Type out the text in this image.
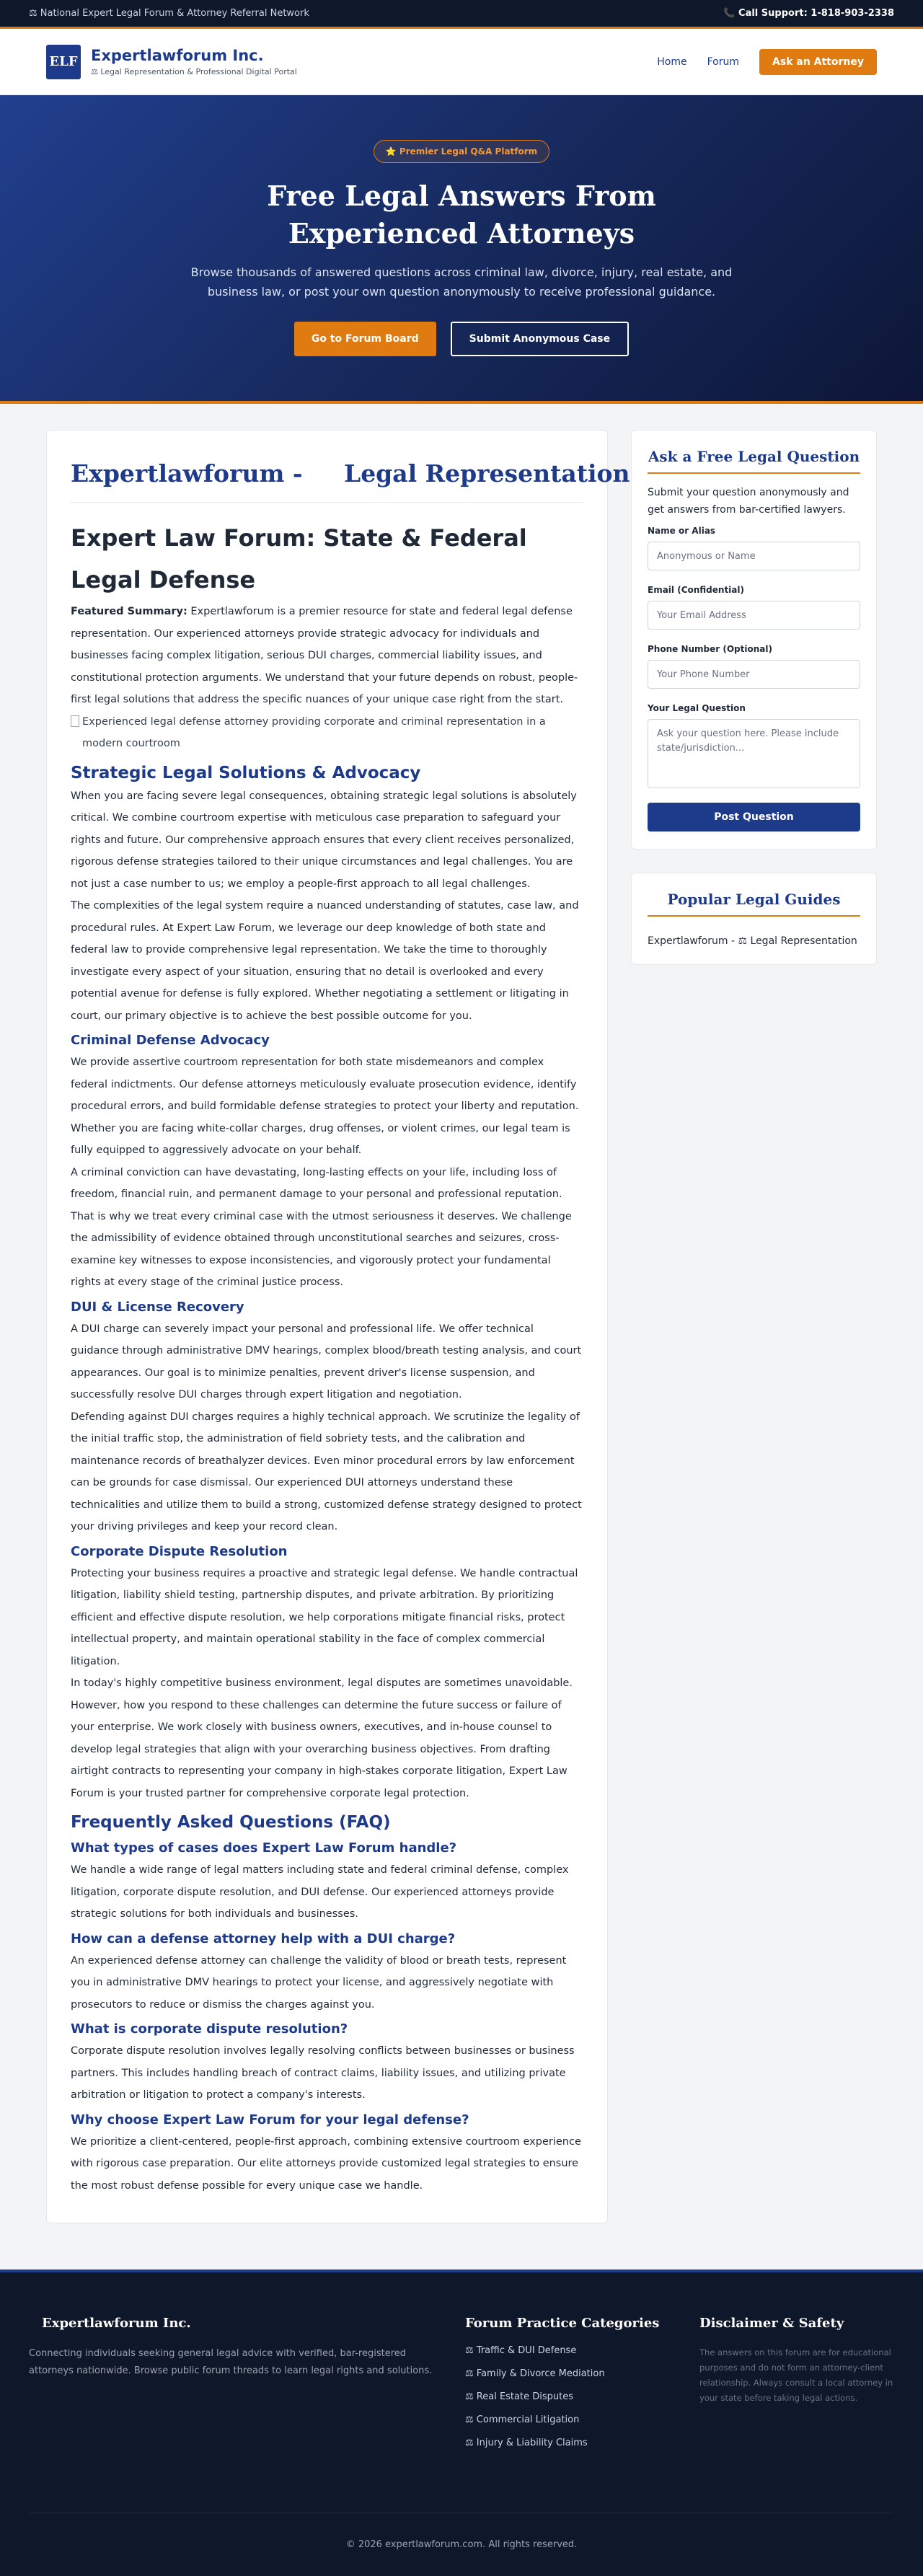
⚖ National Expert Legal Forum & Attorney Referral Network	📞 Call Support: 1-818-903-2338
ELF Expertlawforum Inc.
⚖ Legal Representation & Professional Digital Portal
Home Forum	Ask an Attorney
⭐ Premier Legal Q&A Platform
Free Legal Answers From Experienced Attorneys

Browse thousands of answered questions across criminal law, divorce, injury, real estate, and business law, or post your own question anonymously to receive professional guidance.

Go to Forum Board	Submit Anonymous Case
Expertlawforum -     Legal Representation
Expert Law Forum: State & Federal Legal Defense
Featured Summary: Expertlawforum is a premier resource for state and federal legal defense representation. Our experienced attorneys provide strategic advocacy for individuals and businesses facing complex litigation, serious DUI charges, commercial liability issues, and constitutional protection arguments. We understand that your future depends on robust, people-first legal solutions that address the specific nuances of your unique case right from the start.
Experienced legal defense attorney providing corporate and criminal representation in a modern courtroom
Strategic Legal Solutions & Advocacy
When you are facing severe legal consequences, obtaining strategic legal solutions is absolutely critical. We combine courtroom expertise with meticulous case preparation to safeguard your rights and future. Our comprehensive approach ensures that every client receives personalized, rigorous defense strategies tailored to their unique circumstances and legal challenges. You are not just a case number to us; we employ a people-first approach to all legal challenges.
The complexities of the legal system require a nuanced understanding of statutes, case law, and procedural rules. At Expert Law Forum, we leverage our deep knowledge of both state and federal law to provide comprehensive legal representation. We take the time to thoroughly investigate every aspect of your situation, ensuring that no detail is overlooked and every potential avenue for defense is fully explored. Whether negotiating a settlement or litigating in court, our primary objective is to achieve the best possible outcome for you.
Criminal Defense Advocacy
We provide assertive courtroom representation for both state misdemeanors and complex federal indictments. Our defense attorneys meticulously evaluate prosecution evidence, identify procedural errors, and build formidable defense strategies to protect your liberty and reputation. Whether you are facing white-collar charges, drug offenses, or violent crimes, our legal team is fully equipped to aggressively advocate on your behalf.
A criminal conviction can have devastating, long-lasting effects on your life, including loss of freedom, financial ruin, and permanent damage to your personal and professional reputation. That is why we treat every criminal case with the utmost seriousness it deserves. We challenge the admissibility of evidence obtained through unconstitutional searches and seizures, cross-examine key witnesses to expose inconsistencies, and vigorously protect your fundamental rights at every stage of the criminal justice process.
DUI & License Recovery
A DUI charge can severely impact your personal and professional life. We offer technical guidance through administrative DMV hearings, complex blood/breath testing analysis, and court appearances. Our goal is to minimize penalties, prevent driver's license suspension, and successfully resolve DUI charges through expert litigation and negotiation.
Defending against DUI charges requires a highly technical approach. We scrutinize the legality of the initial traffic stop, the administration of field sobriety tests, and the calibration and maintenance records of breathalyzer devices. Even minor procedural errors by law enforcement can be grounds for case dismissal. Our experienced DUI attorneys understand these technicalities and utilize them to build a strong, customized defense strategy designed to protect your driving privileges and keep your record clean.
Corporate Dispute Resolution
Protecting your business requires a proactive and strategic legal defense. We handle contractual litigation, liability shield testing, partnership disputes, and private arbitration. By prioritizing efficient and effective dispute resolution, we help corporations mitigate financial risks, protect intellectual property, and maintain operational stability in the face of complex commercial litigation.
In today's highly competitive business environment, legal disputes are sometimes unavoidable. However, how you respond to these challenges can determine the future success or failure of your enterprise. We work closely with business owners, executives, and in-house counsel to develop legal strategies that align with your overarching business objectives. From drafting airtight contracts to representing your company in high-stakes corporate litigation, Expert Law Forum is your trusted partner for comprehensive corporate legal protection.
Frequently Asked Questions (FAQ)
What types of cases does Expert Law Forum handle?
We handle a wide range of legal matters including state and federal criminal defense, complex litigation, corporate dispute resolution, and DUI defense. Our experienced attorneys provide strategic solutions for both individuals and businesses.
How can a defense attorney help with a DUI charge?
An experienced defense attorney can challenge the validity of blood or breath tests, represent you in administrative DMV hearings to protect your license, and aggressively negotiate with prosecutors to reduce or dismiss the charges against you.
What is corporate dispute resolution?
Corporate dispute resolution involves legally resolving conflicts between businesses or business partners. This includes handling breach of contract claims, liability issues, and utilizing private arbitration or litigation to protect a company's interests.
Why choose Expert Law Forum for your legal defense?
We prioritize a client-centered, people-first approach, combining extensive courtroom experience with rigorous case preparation. Our elite attorneys provide customized legal strategies to ensure the most robust defense possible for every unique case we handle.
Ask a Free Legal Question
Submit your question anonymously and get answers from bar-certified lawyers.
Name or Alias
Anonymous or Name
Email (Confidential)
Your Email Address
Phone Number (Optional)
Your Phone Number
Your Legal Question
Ask your question here. Please include state/jurisdiction...
Post Question
Popular Legal Guides
Expertlawforum - ⚖ Legal Representation
Expertlawforum Inc.

Connecting individuals seeking general legal advice with verified, bar-registered attorneys nationwide. Browse public forum threads to learn legal rights and solutions.

Forum Practice Categories
⚖ Traffic & DUI Defense
⚖ Family & Divorce Mediation
⚖ Real Estate Disputes
⚖ Commercial Litigation
⚖ Injury & Liability Claims
Disclaimer & Safety

The answers on this forum are for educational purposes and do not form an attorney-client relationship. Always consult a local attorney in your state before taking legal actions.

© 2026 expertlawforum.com. All rights reserved.
